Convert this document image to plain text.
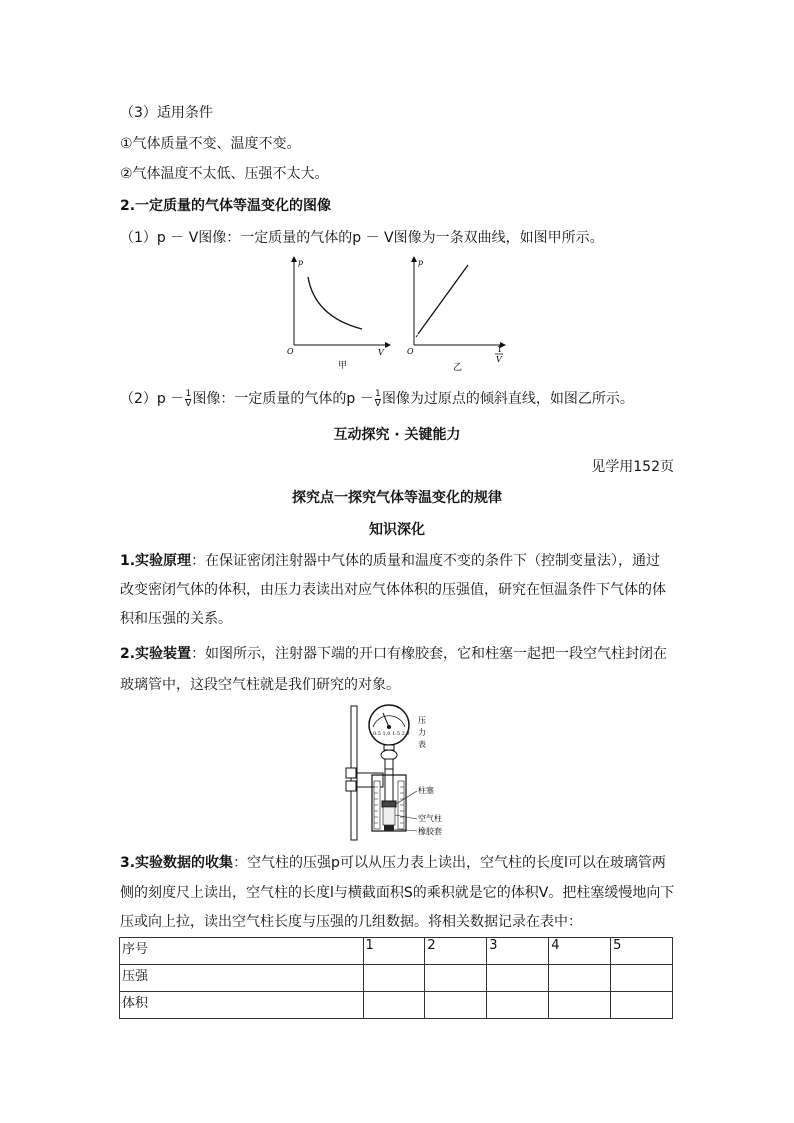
（3）适用条件
①气体质量不变、温度不变。
②气体温度不太低、压强不太大。
2.一定质量的气体等温变化的图像
（1）p － V图像：一定质量的气体的p － V图像为一条双曲线，如图甲所示。
p
V
O
甲
p
1
V
O
乙
$(2)p - \frac{1}{V}$ 图像：一定质量的气体的$p - \frac{1}{V}$ 图像为过原点的倾斜直线，如图乙所示。
互动探究 · 关键能力
见学用152页
探究点一探究气体等温变化的规律
知识深化
1.实验原理：在保证密闭注射器中气体的质量和温度不变的条件下（控制变量法），通过
改变密闭气体的体积，由压力表读出对应气体体积的压强值，研究在恒温条件下气体的体
积和压强的关系。
2.实验装置：如图所示，注射器下端的开口有橡胶套，它和柱塞一起把一段空气柱封闭在
玻璃管中，这段空气柱就是我们研究的对象。
0.5 1.0 1.5 2.0
压
力
表
柱塞
空气柱
橡胶套
3.实验数据的收集：空气柱的压强p可以从压力表上读出，空气柱的长度l可以在玻璃管两
侧的刻度尺上读出，空气柱的长度l与横截面积S的乘积就是它的体积V。把柱塞缓慢地向下
压或向上拉，读出空气柱长度与压强的几组数据。将相关数据记录在表中：
序号	1	2	3	4	5
压强					
体积					
